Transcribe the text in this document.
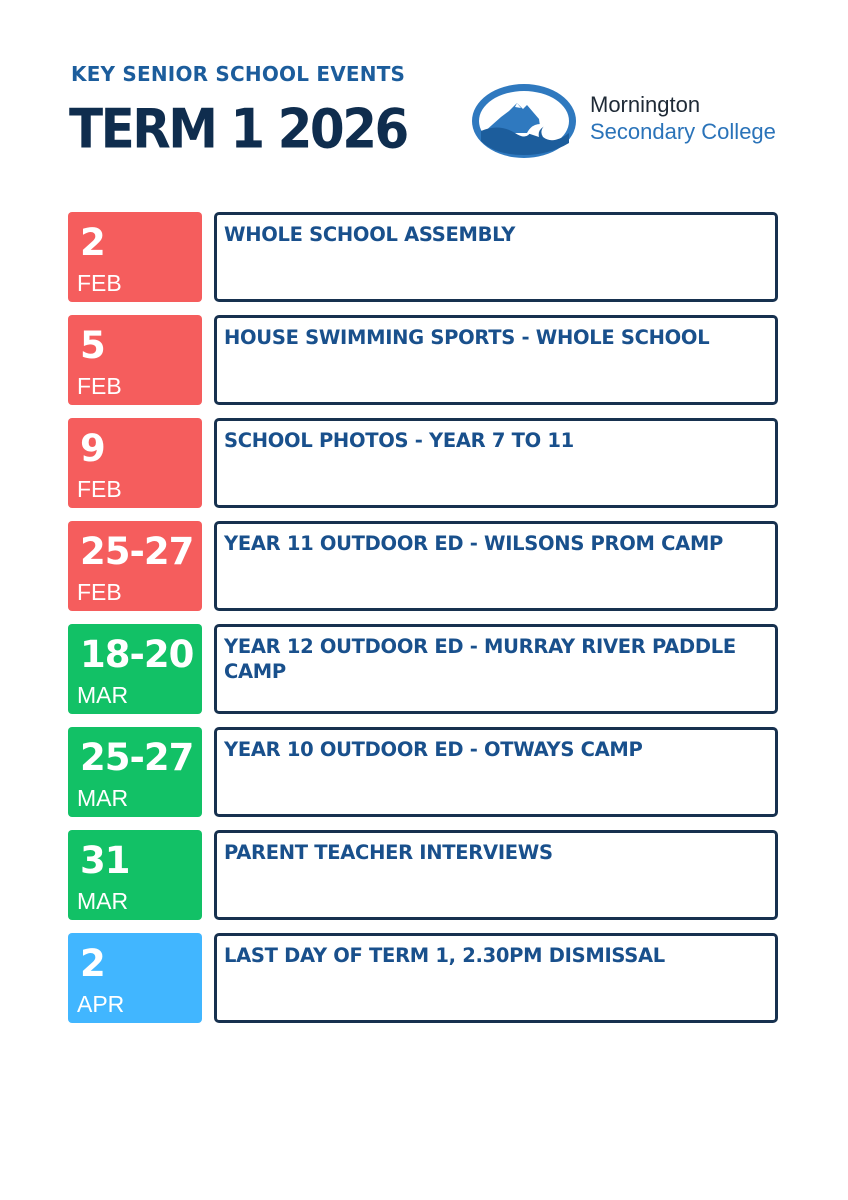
KEY SENIOR SCHOOL EVENTS
TERM 1 2026	Mornington
Secondary College
2
FEB
WHOLE SCHOOL ASSEMBLY
5
FEB
HOUSE SWIMMING SPORTS - WHOLE SCHOOL
9
FEB
SCHOOL PHOTOS - YEAR 7 TO 11
25-27
FEB
YEAR 11 OUTDOOR ED - WILSONS PROM CAMP
18-20
MAR
YEAR 12 OUTDOOR ED - MURRAY RIVER PADDLE CAMP
25-27
MAR
YEAR 10 OUTDOOR ED - OTWAYS CAMP
31
MAR
PARENT TEACHER INTERVIEWS
2
APR
LAST DAY OF TERM 1, 2.30PM DISMISSAL
